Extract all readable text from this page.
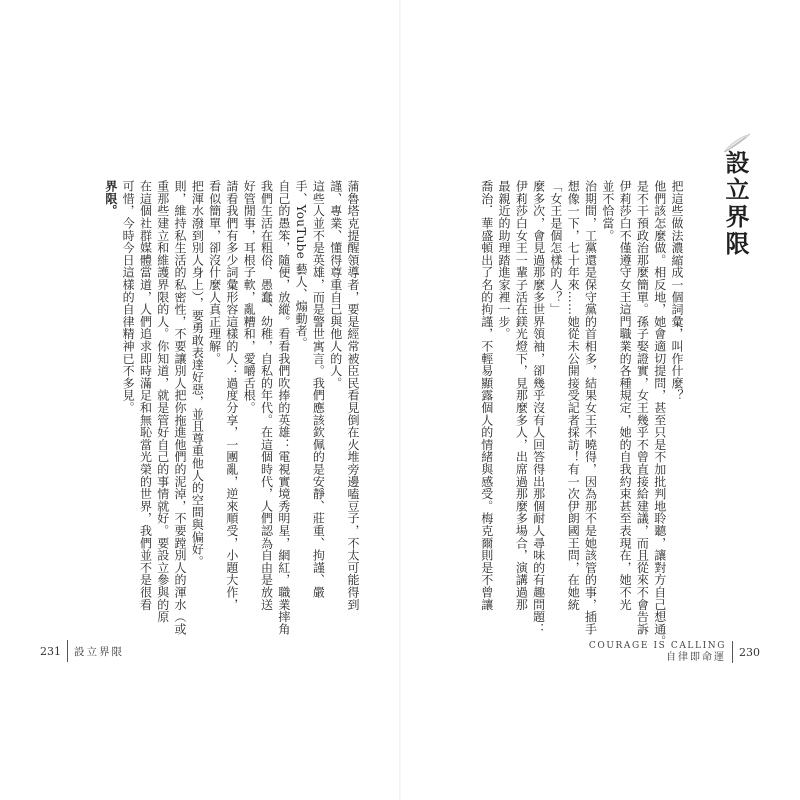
蒲魯塔克提醒領導者，要是經常被臣民看見倒在火堆旁邊嗑豆子，不太可能得到
謹、專業、懂得尊重自己與他人的人。
這些人並不是英雄，而是警世寓言。我們應該欽佩的是安靜、莊重、拘謹、嚴
手、YouTube 藝人、煽動者。
自己的愚笨，隨便，放縱。看看我們吹捧的英雄：電視實境秀明星，網紅，職業摔角
我們生活在粗俗、愚蠢、幼稚，自私的年代。在這個時代，人們認為自由是放送
好管閒事，耳根子軟，亂糟和，愛嚼舌根。
請看我們有多少詞彙形容這樣的人：過度分享，一團亂，逆來順受，小題大作，
看似簡單，卻沒什麼人真正理解。
把渾水潑到別人身上），要勇敢表達好惡，並且尊重他人的空間與偏好。
則，維持私生活的私密性，不要讓別人把你拖進他們的泥淖，不要蹚別人的渾水（或
重那些建立和維護界限的人。你知道，就是管好自己的事情就好。要設立參與的原
在這個社群媒體當道，人們追求即時滿足和無恥當光榮的世界，我們並不是很看
可惜，今時今日這樣的自律精神已不多見。
界限。
231 設立界限
把這些做法濃縮成一個詞彙，叫作什麼？
他們該怎麼做。相反地，她會適切提問，甚至只是不加批判地聆聽，讓對方自己想通。
是不干預政治那麼簡單。孫子娶證實，女王幾乎不曾直接給建議，而且從來不會告訴
伊莉莎白不僅遵守女王這門職業的各種規定，她的自我約束甚至表現在，她不光
並不恰當。
治期間，工黨還是保守黨的首相多，結果女王不曉得，因為那不是她該管的事，插手
想像一下，七十年來……她從未公開接受記者採訪！有一次伊朗國王問，在她統
「女王是個怎樣的人？」
麼多次，會見過那麼多世界領袖，卻幾乎沒有人回答得出那個耐人尋味的有趣問題：
伊莉莎白女王一輩子活在鎂光燈下，見那麼多人，出席過那麼多場合，演講過那
最親近的助理踏進家裡一步。
喬治．華盛頓出了名的拘謹，不輕易顯露個人的情緒與感受。梅克爾則是不曾讓	設立界限
COURAGE IS CALLING
自律即命運 230
